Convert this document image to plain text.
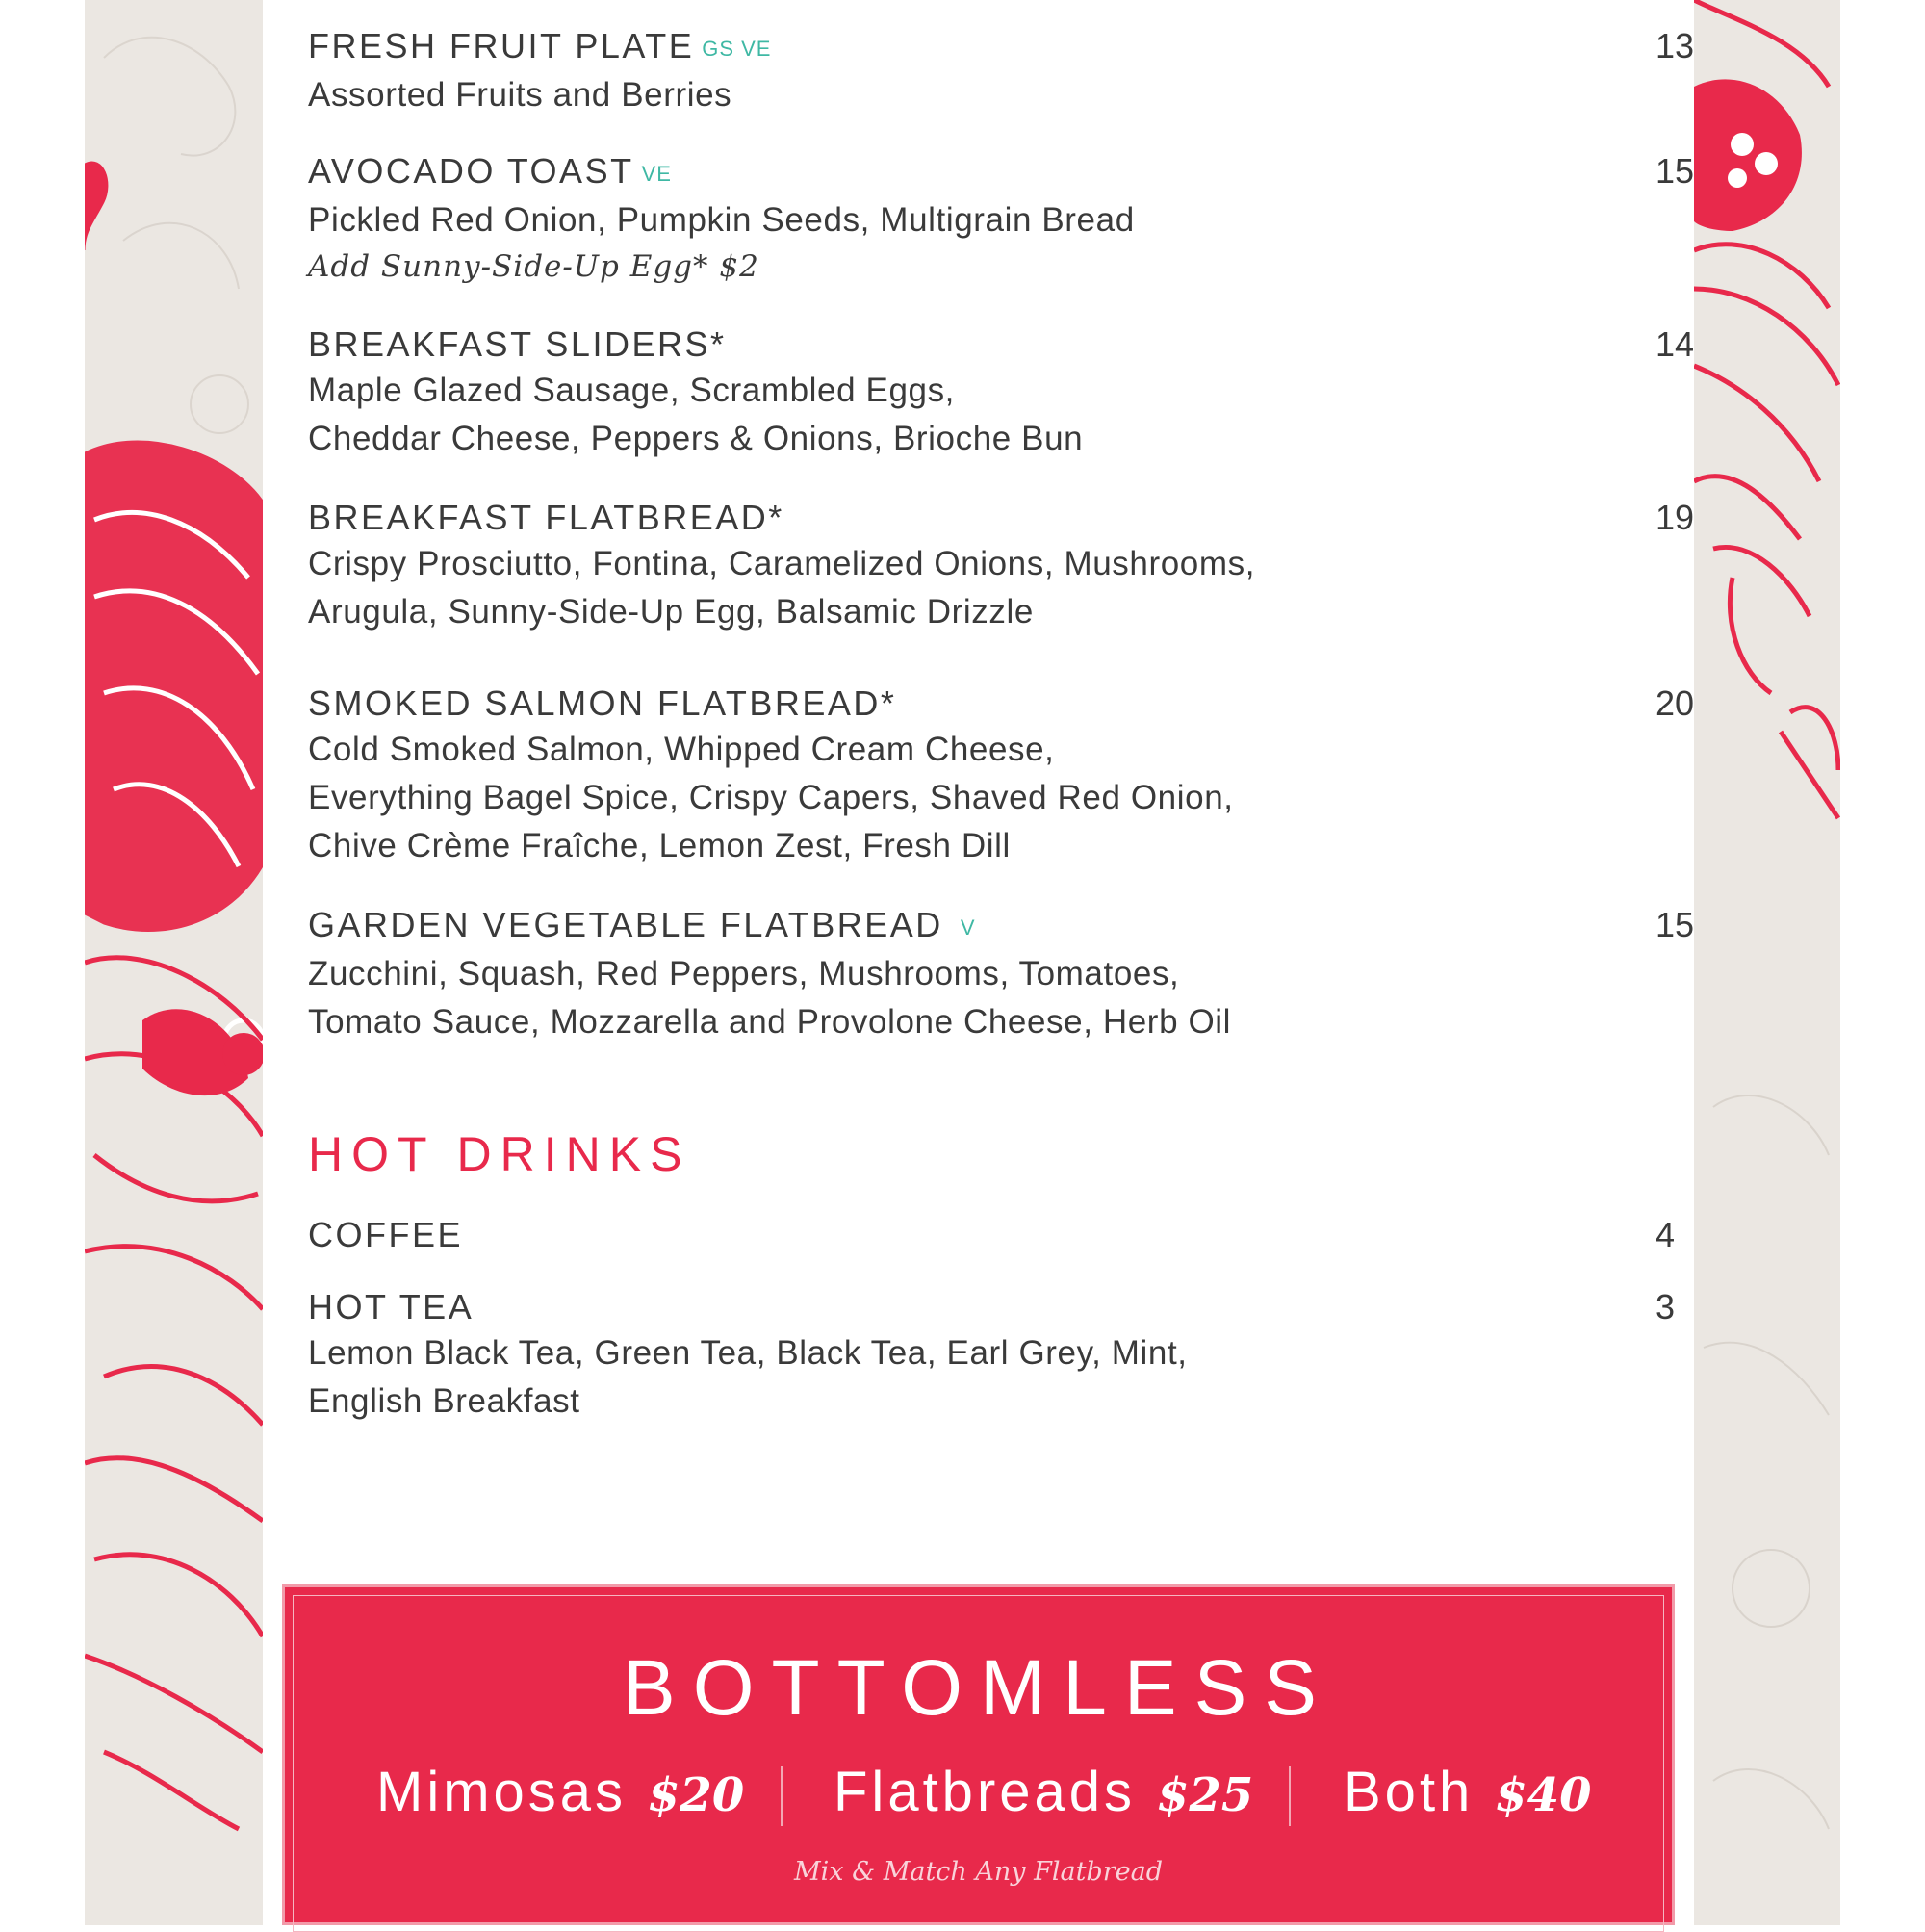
FRESH FRUIT PLATE GS VE	13
Assorted Fruits and Berries
AVOCADO TOAST VE	15
Pickled Red Onion, Pumpkin Seeds, Multigrain Bread
Add Sunny-Side-Up Egg* $2
BREAKFAST SLIDERS*	14
Maple Glazed Sausage, Scrambled Eggs,
Cheddar Cheese, Peppers & Onions, Brioche Bun
BREAKFAST FLATBREAD*	19
Crispy Prosciutto, Fontina, Caramelized Onions, Mushrooms,
Arugula, Sunny-Side-Up Egg, Balsamic Drizzle
SMOKED SALMON FLATBREAD*	20
Cold Smoked Salmon, Whipped Cream Cheese,
Everything Bagel Spice, Crispy Capers, Shaved Red Onion,
Chive Crème Fraîche, Lemon Zest, Fresh Dill
GARDEN VEGETABLE FLATBREAD V	15
Zucchini, Squash, Red Peppers, Mushrooms, Tomatoes,
Tomato Sauce, Mozzarella and Provolone Cheese, Herb Oil
HOT DRINKS
COFFEE	4
HOT TEA	3
Lemon Black Tea, Green Tea, Black Tea, Earl Grey, Mint,
English Breakfast
BOTTOMLESS
Mimosas $20 Flatbreads $25 Both $40
Mix & Match Any Flatbread
